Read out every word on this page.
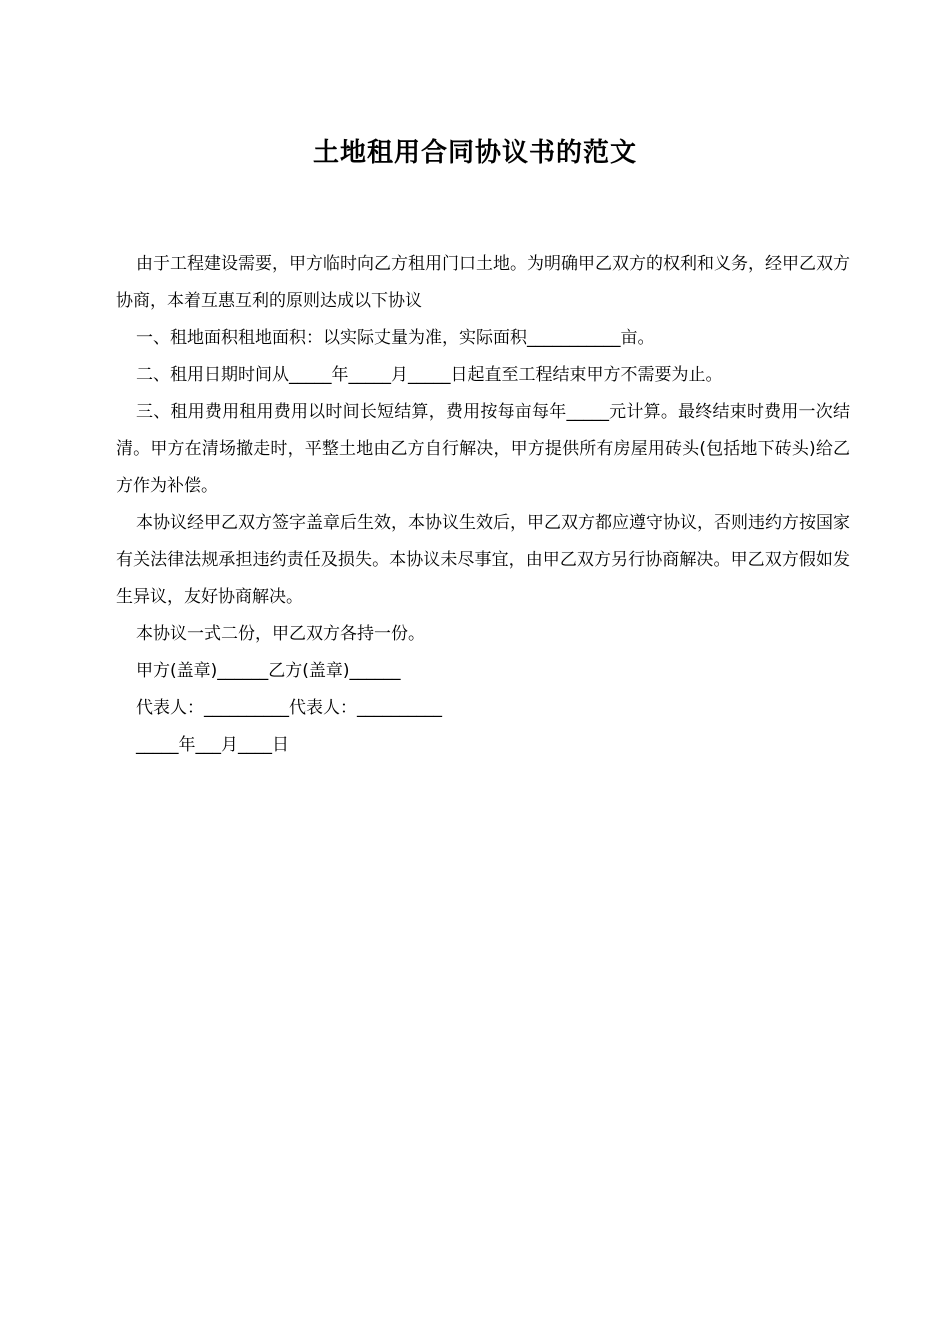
土地租用合同协议书的范文

由于工程建设需要，甲方临时向乙方租用门口土地。为明确甲乙双方的权利和义务，经甲乙双方协商，本着互惠互利的原则达成以下协议

一、租地面积租地面积：以实际丈量为准，实际面积___________亩。

二、租用日期时间从_____年_____月_____日起直至工程结束甲方不需要为止。

三、租用费用租用费用以时间长短结算，费用按每亩每年_____元计算。最终结束时费用一次结清。甲方在清场撤走时，平整土地由乙方自行解决，甲方提供所有房屋用砖头(包括地下砖头)给乙方作为补偿。

本协议经甲乙双方签字盖章后生效，本协议生效后，甲乙双方都应遵守协议，否则违约方按国家有关法律法规承担违约责任及损失。本协议未尽事宜，由甲乙双方另行协商解决。甲乙双方假如发生异议，友好协商解决。

本协议一式二份，甲乙双方各持一份。

甲方(盖章)______乙方(盖章)______

代表人：__________代表人：__________

_____年___月____日
